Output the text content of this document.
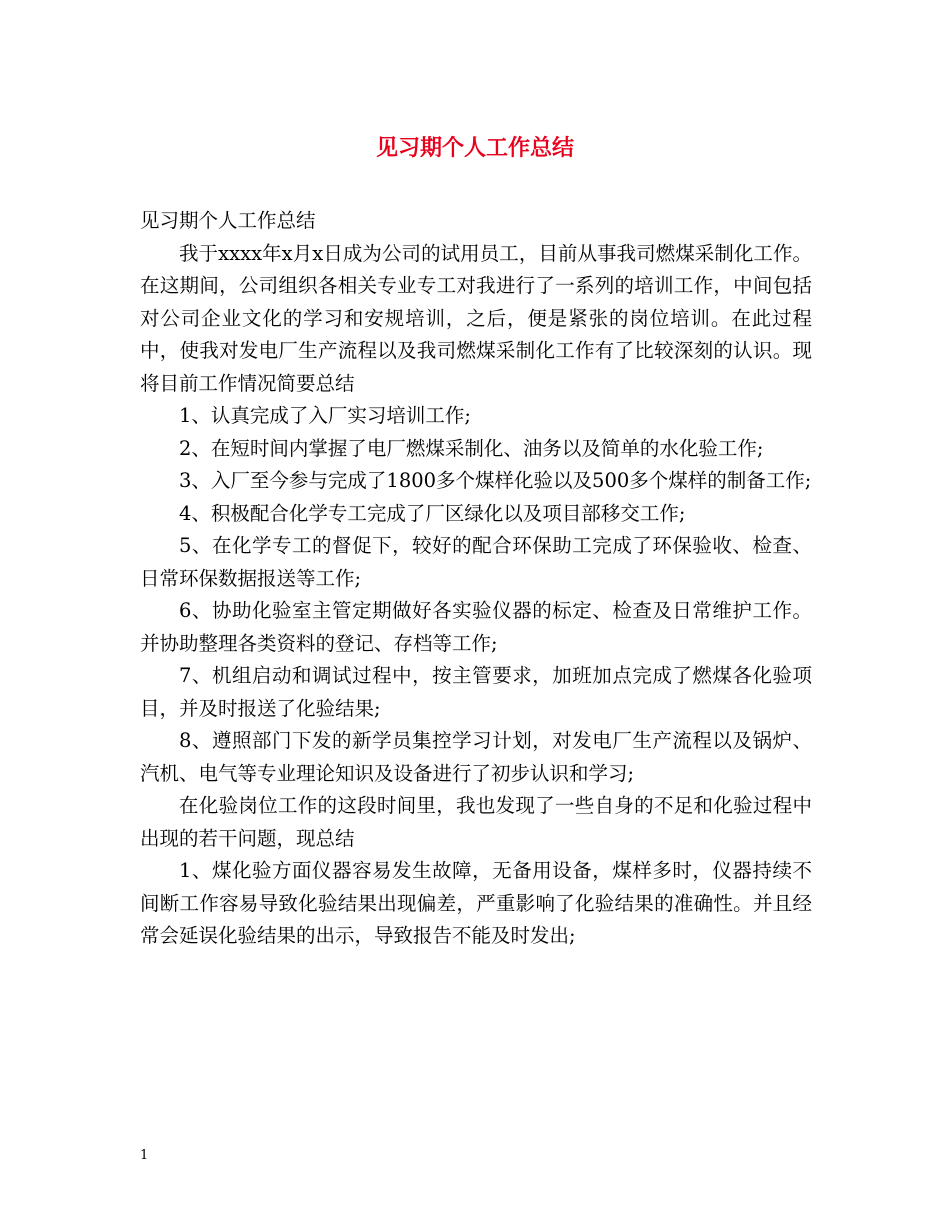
见习期个人工作总结

见习期个人工作总结

我于xxxx年x月x日成为公司的试用员工，目前从事我司燃煤采制化工作。在这期间，公司组织各相关专业专工对我进行了一系列的培训工作，中间包括对公司企业文化的学习和安规培训，之后，便是紧张的岗位培训。在此过程中，使我对发电厂生产流程以及我司燃煤采制化工作有了比较深刻的认识。现将目前工作情况简要总结

1、认真完成了入厂实习培训工作;

2、在短时间内掌握了电厂燃煤采制化、油务以及简单的水化验工作;

3、入厂至今参与完成了1800多个煤样化验以及500多个煤样的制备工作;

4、积极配合化学专工完成了厂区绿化以及项目部移交工作;

5、在化学专工的督促下，较好的配合环保助工完成了环保验收、检查、日常环保数据报送等工作;

6、协助化验室主管定期做好各实验仪器的标定、检查及日常维护工作。并协助整理各类资料的登记、存档等工作;

7、机组启动和调试过程中，按主管要求，加班加点完成了燃煤各化验项目，并及时报送了化验结果;

8、遵照部门下发的新学员集控学习计划，对发电厂生产流程以及锅炉、汽机、电气等专业理论知识及设备进行了初步认识和学习;

在化验岗位工作的这段时间里，我也发现了一些自身的不足和化验过程中出现的若干问题，现总结

1、煤化验方面仪器容易发生故障，无备用设备，煤样多时，仪器持续不间断工作容易导致化验结果出现偏差，严重影响了化验结果的准确性。并且经常会延误化验结果的出示，导致报告不能及时发出;

1
